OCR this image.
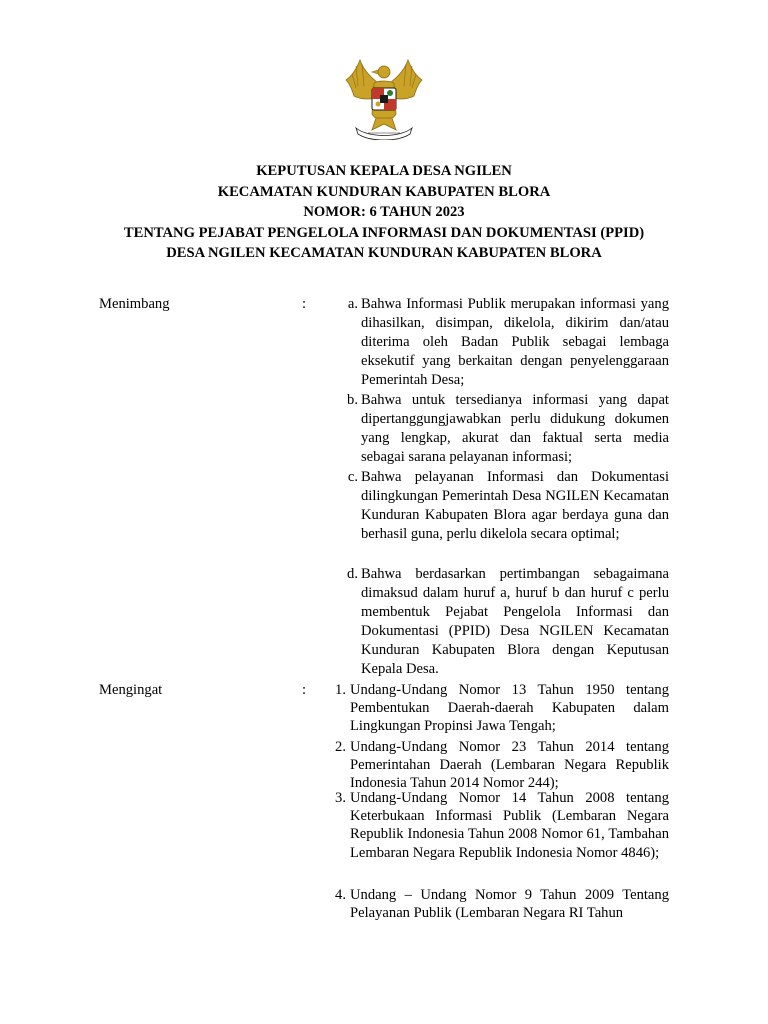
KEPUTUSAN KEPALA DESA NGILEN
KECAMATAN KUNDURAN KABUPATEN BLORA
NOMOR: 6 TAHUN 2023
TENTANG PEJABAT PENGELOLA INFORMASI DAN DOKUMENTASI (PPID)
DESA NGILEN KECAMATAN KUNDURAN KABUPATEN BLORA
Menimbang	:	a. Bahwa Informasi Publik merupakan informasi yang dihasilkan, disimpan, dikelola, dikirim dan/atau diterima oleh Badan Publik sebagai lembaga eksekutif yang berkaitan dengan penyelenggaraan Pemerintah Desa;
b. Bahwa untuk tersedianya informasi yang dapat dipertanggungjawabkan perlu didukung dokumen yang lengkap, akurat dan faktual serta media sebagai sarana pelayanan informasi;
c. Bahwa pelayanan Informasi dan Dokumentasi dilingkungan Pemerintah Desa NGILEN Kecamatan Kunduran Kabupaten Blora agar berdaya guna dan berhasil guna, perlu dikelola secara optimal;
d. Bahwa berdasarkan pertimbangan sebagaimana dimaksud dalam huruf a, huruf b dan huruf c perlu membentuk Pejabat Pengelola Informasi dan Dokumentasi (PPID) Desa NGILEN Kecamatan Kunduran Kabupaten Blora dengan Keputusan Kepala Desa.
Mengingat	:	1. Undang-Undang Nomor 13 Tahun 1950 tentang Pembentukan Daerah-daerah Kabupaten dalam Lingkungan Propinsi Jawa Tengah;
2. Undang-Undang Nomor 23 Tahun 2014 tentang Pemerintahan Daerah (Lembaran Negara Republik Indonesia Tahun 2014 Nomor 244);
3. Undang-Undang Nomor 14 Tahun 2008 tentang Keterbukaan Informasi Publik (Lembaran Negara Republik Indonesia Tahun 2008 Nomor 61, Tambahan Lembaran Negara Republik Indonesia Nomor 4846);
4. Undang – Undang Nomor 9 Tahun 2009 Tentang Pelayanan Publik (Lembaran Negara RI Tahun
